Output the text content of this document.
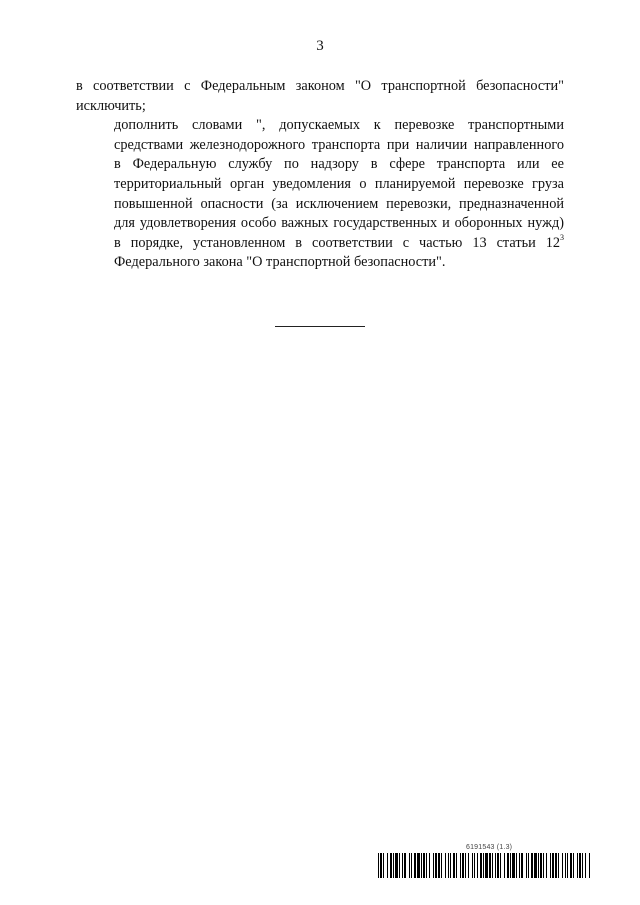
3

в соответствии с Федеральным законом "О транспортной безопасности"
исключить;

дополнить словами ", допускаемых к перевозке транспортными
средствами железнодорожного транспорта при наличии направленного
в Федеральную службу по надзору в сфере транспорта или ее
территориальный орган уведомления о планируемой перевозке груза
повышенной опасности (за исключением перевозки, предназначенной
для удовлетворения особо важных государственных и оборонных нужд)
в порядке, установленном в соответствии с частью 13 статьи $12^3$
Федерального закона "О транспортной безопасности".

6191543 (1.3)
